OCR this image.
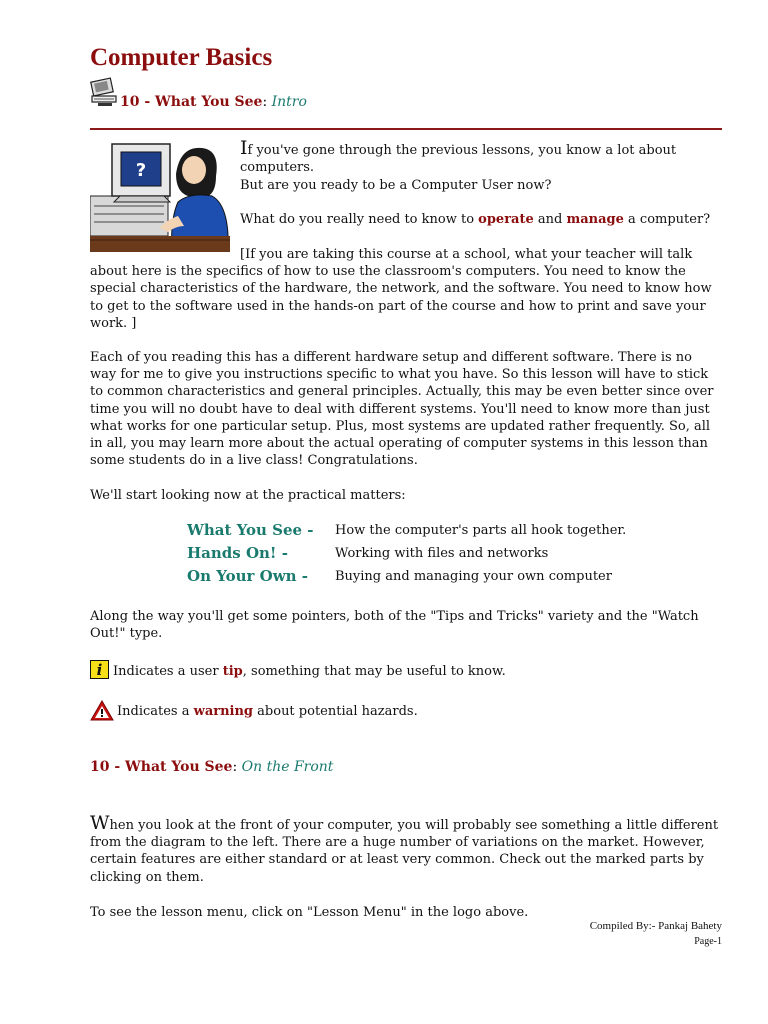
Computer Basics
10 - What You See: Intro
?

If you've gone through the previous lessons, you know a lot about computers.

But are you ready to be a Computer User now?

What do you really need to know to operate and manage a computer?

[If you are taking this course at a school, what your teacher will talk about here is the specifics of how to use the classroom's computers. You need to know the special characteristics of the hardware, the network, and the software. You need to know how to get to the software used in the hands-on part of the course and how to print and save your work. ]

Each of you reading this has a different hardware setup and different software. There is no way for me to give you instructions specific to what you have. So this lesson will have to stick to common characteristics and general principles. Actually, this may be even better since over time you will no doubt have to deal with different systems. You'll need to know more than just what works for one particular setup. Plus, most systems are updated rather frequently. So, all in all, you may learn more about the actual operating of computer systems in this lesson than some students do in a live class! Congratulations.

We'll start looking now at the practical matters:

What You See - How the computer's parts all hook together.
Hands On! -	Working with files and networks
On Your Own - Buying and managing your own computer

Along the way you'll get some pointers, both of the "Tips and Tricks" variety and the "Watch Out!" type.

i Indicates a user tip, something that may be useful to know.
Indicates a warning about potential hazards.
10 - What You See: On the Front

When you look at the front of your computer, you will probably see something a little different from the diagram to the left. There are a huge number of variations on the market. However, certain features are either standard or at least very common. Check out the marked parts by clicking on them.

To see the lesson menu, click on "Lesson Menu" in the logo above.

Compiled By:- Pankaj Bahety
Page-1
